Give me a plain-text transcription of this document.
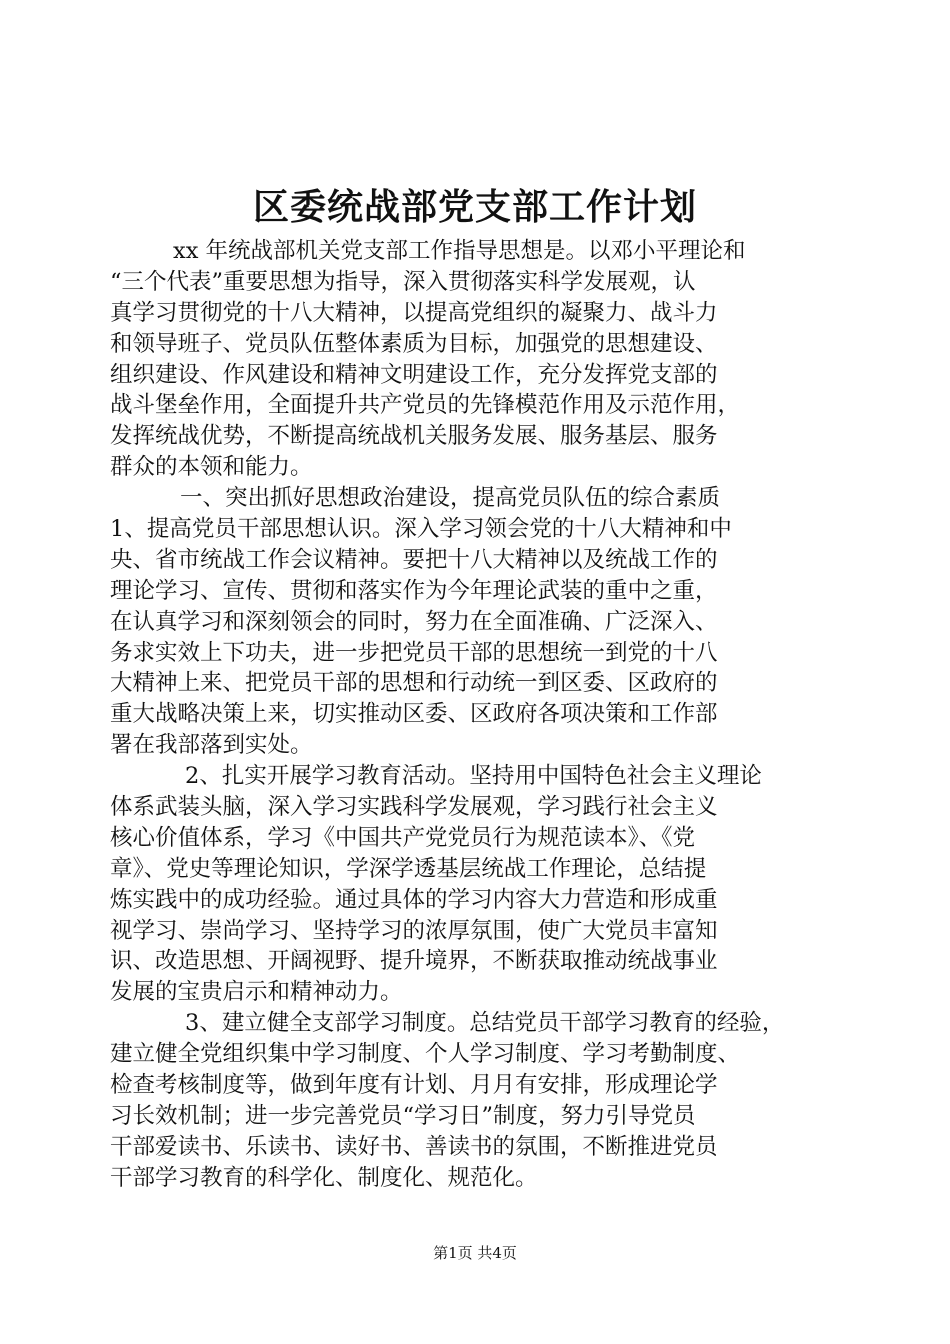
区委统战部党支部工作计划
xx 年统战部机关党支部工作指导思想是。以邓小平理论和
“三个代表”重要思想为指导，深入贯彻落实科学发展观，认
真学习贯彻党的十八大精神，以提高党组织的凝聚力、战斗力
和领导班子、党员队伍整体素质为目标，加强党的思想建设、
组织建设、作风建设和精神文明建设工作，充分发挥党支部的
战斗堡垒作用，全面提升共产党员的先锋模范作用及示范作用，
发挥统战优势，不断提高统战机关服务发展、服务基层、服务
群众的本领和能力。
一、突出抓好思想政治建设，提高党员队伍的综合素质
1、提高党员干部思想认识。深入学习领会党的十八大精神和中
央、省市统战工作会议精神。要把十八大精神以及统战工作的
理论学习、宣传、贯彻和落实作为今年理论武装的重中之重，
在认真学习和深刻领会的同时，努力在全面准确、广泛深入、
务求实效上下功夫，进一步把党员干部的思想统一到党的十八
大精神上来、把党员干部的思想和行动统一到区委、区政府的
重大战略决策上来，切实推动区委、区政府各项决策和工作部
署在我部落到实处。
2、扎实开展学习教育活动。坚持用中国特色社会主义理论
体系武装头脑，深入学习实践科学发展观，学习践行社会主义
核心价值体系，学习《中国共产党党员行为规范读本》、《党
章》、党史等理论知识，学深学透基层统战工作理论，总结提
炼实践中的成功经验。通过具体的学习内容大力营造和形成重
视学习、崇尚学习、坚持学习的浓厚氛围，使广大党员丰富知
识、改造思想、开阔视野、提升境界，不断获取推动统战事业
发展的宝贵启示和精神动力。
3、建立健全支部学习制度。总结党员干部学习教育的经验，
建立健全党组织集中学习制度、个人学习制度、学习考勤制度、
检查考核制度等，做到年度有计划、月月有安排，形成理论学
习长效机制；进一步完善党员“学习日”制度，努力引导党员
干部爱读书、乐读书、读好书、善读书的氛围，不断推进党员
干部学习教育的科学化、制度化、规范化。
第1页 共4页
